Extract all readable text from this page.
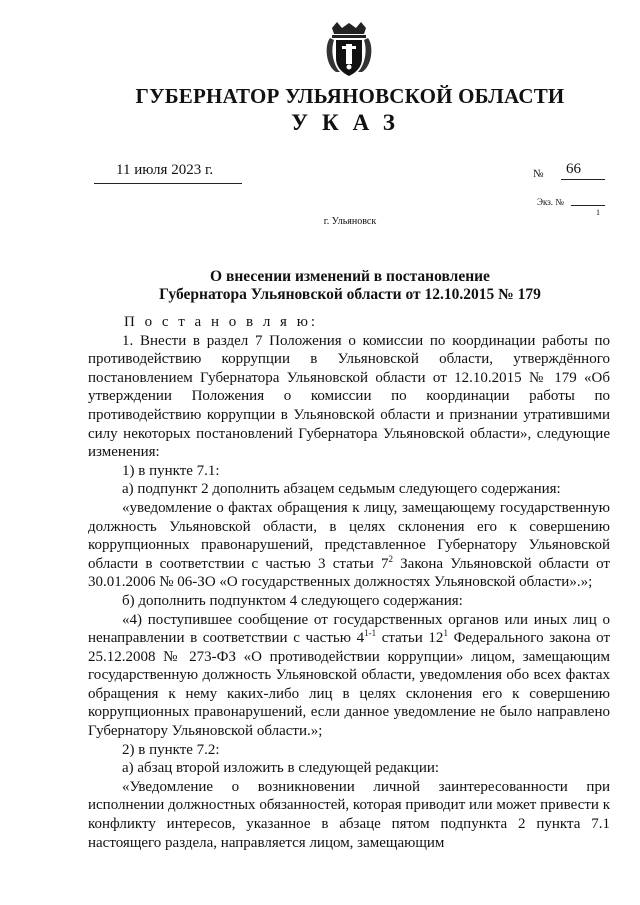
ГУБЕРНАТОР УЛЬЯНОВСКОЙ ОБЛАСТИ
УКАЗ
11 июля 2023 г.	№ 66
Экз. №
1
г. Ульяновск
О внесении изменений в постановление
Губернатора Ульяновской области от 12.10.2015 № 179

П о с т а н о в л я ю:

1. Внести в раздел 7 Положения о комиссии по координации работы по противодействию коррупции в Ульяновской области, утверждённого постановлением Губернатора Ульяновской области от 12.10.2015 № 179 «Об утверждении Положения о комиссии по координации работы по противодействию коррупции в Ульяновской области и признании утратившими силу некоторых постановлений Губернатора Ульяновской области», следующие изменения:

1) в пункте 7.1:

а) подпункт 2 дополнить абзацем седьмым следующего содержания:

«уведомление о фактах обращения к лицу, замещающему государственную должность Ульяновской области, в целях склонения его к совершению коррупционных правонарушений, представленное Губернатору Ульяновской области в соответствии с частью 3 статьи $7^2$ Закона Ульяновской области от 30.01.2006 № 06-ЗО «О государственных должностях Ульяновской области».»;

б) дополнить подпунктом 4 следующего содержания:

«4) поступившее сообщение от государственных органов или иных лиц о ненаправлении в соответствии с частью 4$^{1-1}$ статьи $12^1$ Федерального закона от 25.12.2008 № 273-ФЗ «О противодействии коррупции» лицом, замещающим государственную должность Ульяновской области, уведомления обо всех фактах обращения к нему каких-либо лиц в целях склонения его к совершению коррупционных правонарушений, если данное уведомление не было направлено Губернатору Ульяновской области.»;

2) в пункте 7.2:

а) абзац второй изложить в следующей редакции:

«Уведомление о возникновении личной заинтересованности при исполнении должностных обязанностей, которая приводит или может привести к конфликту интересов, указанное в абзаце пятом подпункта 2 пункта 7.1 настоящего раздела, направляется лицом, замещающим
